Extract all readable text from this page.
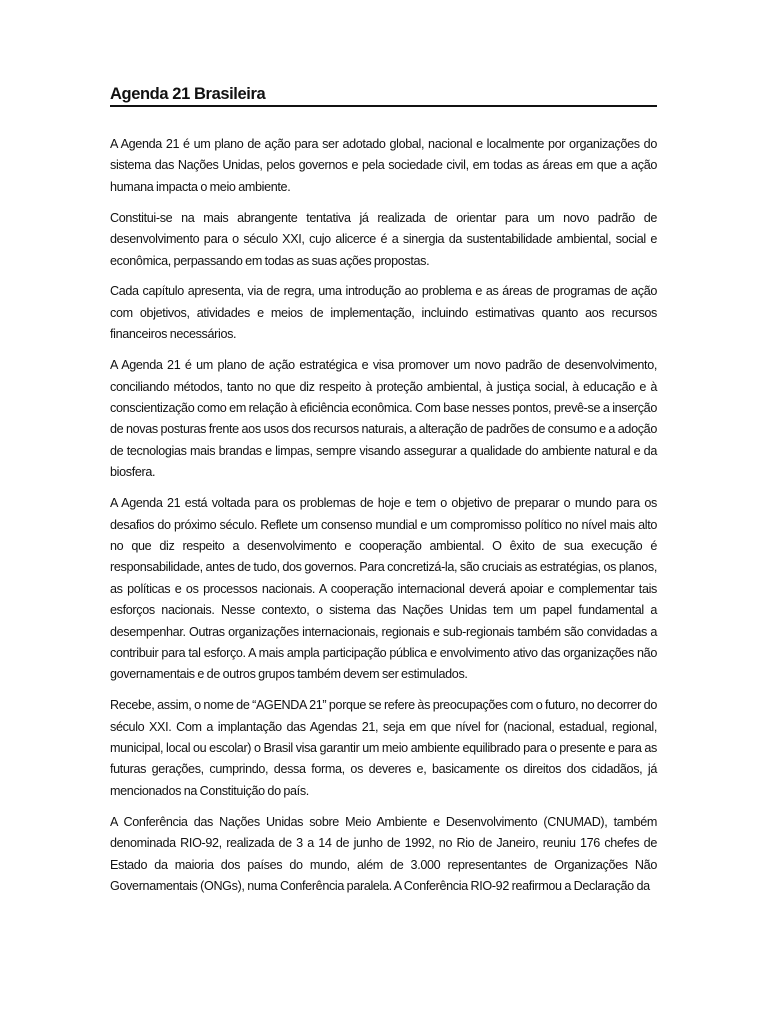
Agenda 21 Brasileira

A Agenda 21 é um plano de ação para ser adotado global, nacional e localmente por organizações do sistema das Nações Unidas, pelos governos e pela sociedade civil, em todas as áreas em que a ação humana impacta o meio ambiente.

Constitui-se na mais abrangente tentativa já realizada de orientar para um novo padrão de desenvolvimento para o século XXI, cujo alicerce é a sinergia da sustentabilidade ambiental, social e econômica, perpassando em todas as suas ações propostas.

Cada capítulo apresenta, via de regra, uma introdução ao problema e as áreas de programas de ação com objetivos, atividades e meios de implementação, incluindo estimativas quanto aos recursos financeiros necessários.

A Agenda 21 é um plano de ação estratégica e visa promover um novo padrão de desenvolvimento, conciliando métodos, tanto no que diz respeito à proteção ambiental, à justiça social, à educação e à conscientização como em relação à eficiência econômica. Com base nesses pontos, prevê-se a inserção de novas posturas frente aos usos dos recursos naturais, a alteração de padrões de consumo e a adoção de tecnologias mais brandas e limpas, sempre visando assegurar a qualidade do ambiente natural e da biosfera.

A Agenda 21 está voltada para os problemas de hoje e tem o objetivo de preparar o mundo para os desafios do próximo século. Reflete um consenso mundial e um compromisso político no nível mais alto no que diz respeito a desenvolvimento e cooperação ambiental. O êxito de sua execução é responsabilidade, antes de tudo, dos governos. Para concretizá-la, são cruciais as estratégias, os planos, as políticas e os processos nacionais. A cooperação internacional deverá apoiar e complementar tais esforços nacionais. Nesse contexto, o sistema das Nações Unidas tem um papel fundamental a desempenhar. Outras organizações internacionais, regionais e sub-regionais também são convidadas a contribuir para tal esforço. A mais ampla participação pública e envolvimento ativo das organizações não governamentais e de outros grupos também devem ser estimulados.

Recebe, assim, o nome de “AGENDA 21” porque se refere às preocupações com o futuro, no decorrer do século XXI. Com a implantação das Agendas 21, seja em que nível for (nacional, estadual, regional, municipal, local ou escolar) o Brasil visa garantir um meio ambiente equilibrado para o presente e para as futuras gerações, cumprindo, dessa forma, os deveres e, basicamente os direitos dos cidadãos, já mencionados na Constituição do país.

A Conferência das Nações Unidas sobre Meio Ambiente e Desenvolvimento (CNUMAD), também denominada RIO-92, realizada de 3 a 14 de junho de 1992, no Rio de Janeiro, reuniu 176 chefes de Estado da maioria dos países do mundo, além de 3.000 representantes de Organizações Não Governamentais (ONGs), numa Conferência paralela. A Conferência RIO-92 reafirmou a Declaração da
